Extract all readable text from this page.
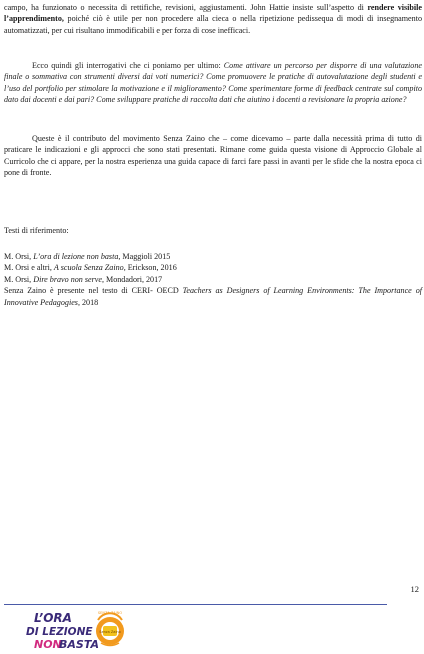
campo, ha funzionato o necessita di rettifiche, revisioni, aggiustamenti. John Hattie insiste sull’aspetto di rendere visibile l’apprendimento, poiché ciò è utile per non procedere alla cieca o nella ripetizione pedissequa di modi di insegnamento automatizzati, per cui risultano immodificabili e per forza di cose inefficaci.

Ecco quindi gli interrogativi che ci poniamo per ultimo: Come attivare un percorso per disporre di una valutazione finale o sommativa con strumenti diversi dai voti numerici? Come promuovere le pratiche di autovalutazione degli studenti e l’uso del portfolio per stimolare la motivazione e il miglioramento? Come sperimentare forme di feedback centrate sul compito dato dai docenti e dai pari? Come sviluppare pratiche di raccolta dati che aiutino i docenti a revisionare la propria azione?

Queste è il contributo del movimento Senza Zaino che – come dicevamo – parte dalla necessità prima di tutto di praticare le indicazioni e gli approcci che sono stati presentati. Rimane come guida questa visione di Approccio Globale al Curricolo che ci appare, per la nostra esperienza una guida capace di farci fare passi in avanti per le sfide che la nostra epoca ci pone di fronte.

Testi di riferimento:

M. Orsi, L’ora di lezione non basta, Maggioli 2015
M. Orsi e altri, A scuola Senza Zaino, Erickson, 2016
M. Orsi, Dire bravo non serve, Mondadori, 2017
Senza Zaino è presente nel testo di CERI- OECD Teachers as Designers of Learning Environments: The Importance of Innovative Pedagogies, 2018
12
L’ORA
DI LEZIONE
NON
BASTA
SENZA ZAINO
Senza Zaino
